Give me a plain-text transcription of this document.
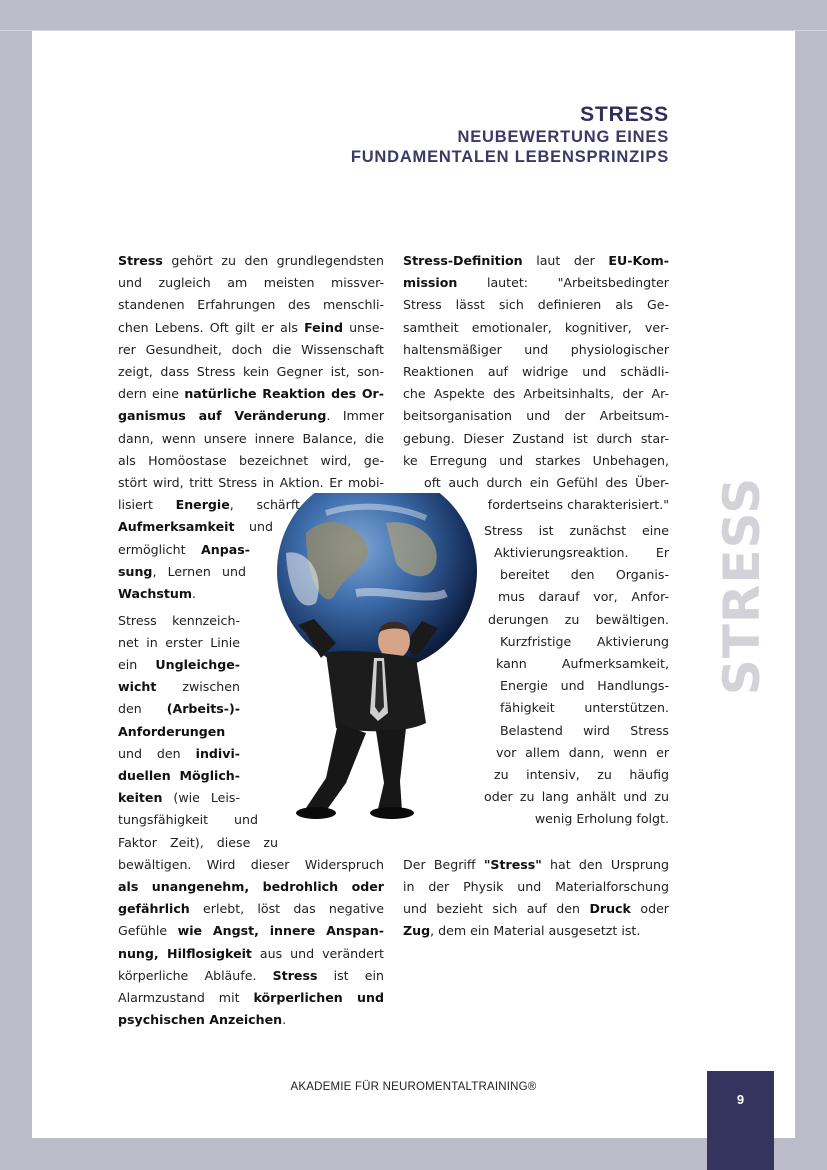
STRESS
NEUBEWERTUNG EINES
FUNDAMENTALEN LEBENSPRINZIPS
STRESS
Stress gehört zu den grundlegendsten
und zugleich am meisten missver-
standenen Erfahrungen des menschli-
chen Lebens. Oft gilt er als Feind unse-
rer Gesundheit, doch die Wissenschaft
zeigt, dass Stress kein Gegner ist, son-
dern eine natürliche Reaktion des Or-
ganismus auf Veränderung. Immer
dann, wenn unsere innere Balance, die
als Homöostase bezeichnet wird, ge-
stört wird, tritt Stress in Aktion. Er mobi-
lisiert Energie, schärft
Aufmerksamkeit und
ermöglicht Anpas-
sung, Lernen und
Wachstum.
Stress kennzeich-
net in erster Linie
ein Ungleichge-
wicht zwischen
den (Arbeits-)-
Anforderungen
und den indivi-
duellen Möglich-
keiten (wie Leis-
tungsfähigkeit und
Faktor Zeit), diese zu
bewältigen. Wird dieser Widerspruch
als unangenehm, bedrohlich oder
gefährlich erlebt, löst das negative
Gefühle wie Angst, innere Anspan-
nung, Hilflosigkeit aus und verändert
körperliche Abläufe. Stress ist ein
Alarmzustand mit körperlichen und
psychischen Anzeichen.
Stress-Definition laut der EU-Kom-
mission lautet: "Arbeitsbedingter
Stress lässt sich definieren als Ge-
samtheit emotionaler, kognitiver, ver-
haltensmäßiger und physiologischer
Reaktionen auf widrige und schädli-
che Aspekte des Arbeitsinhalts, der Ar-
beitsorganisation und der Arbeitsum-
gebung. Dieser Zustand ist durch star-
ke Erregung und starkes Unbehagen,
oft auch durch ein Gefühl des Über-
fordertseins charakterisiert."
Stress ist zunächst eine
Aktivierungsreaktion. Er
bereitet den Organis-
mus darauf vor, Anfor-
derungen zu bewältigen.
Kurzfristige Aktivierung
kann Aufmerksamkeit,
Energie und Handlungs-
fähigkeit unterstützen.
Belastend wird Stress
vor allem dann, wenn er
zu intensiv, zu häufig
oder zu lang anhält und zu
wenig Erholung folgt.
Der Begriff "Stress" hat den Ursprung
in der Physik und Materialforschung
und bezieht sich auf den Druck oder
Zug, dem ein Material ausgesetzt ist.
AKADEMIE FÜR NEUROMENTALTRAINING®
9
